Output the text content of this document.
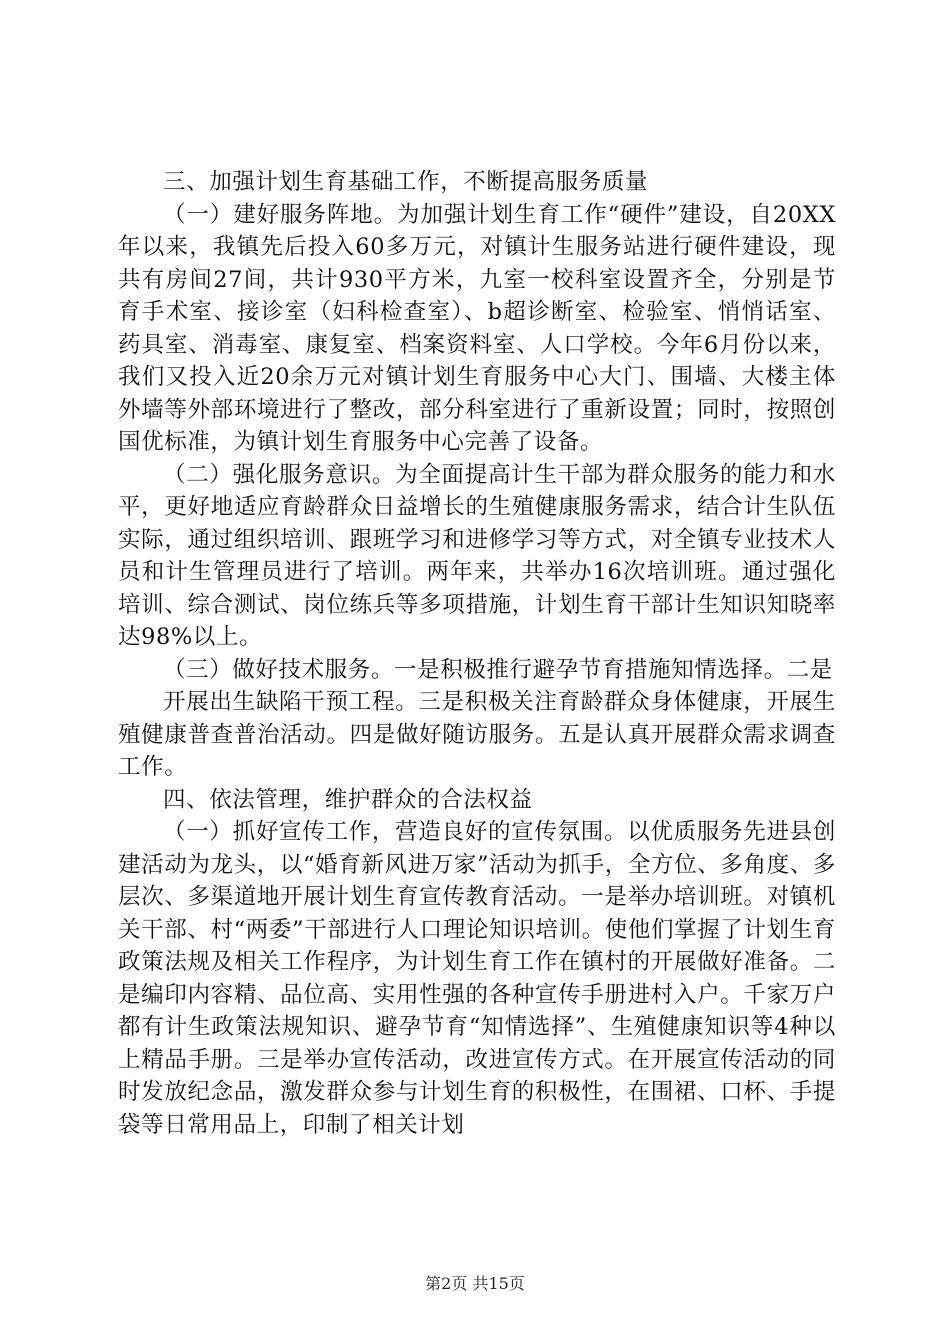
三、加强计划生育基础工作，不断提高服务质量

（一）建好服务阵地。为加强计划生育工作“硬件”建设，自20XX年以来，我镇先后投入60多万元，对镇计生服务站进行硬件建设，现共有房间27间，共计930平方米，九室一校科室设置齐全，分别是节育手术室、接诊室（妇科检查室）、b超诊断室、检验室、悄悄话室、药具室、消毒室、康复室、档案资料室、人口学校。今年6月份以来，我们又投入近20余万元对镇计划生育服务中心大门、围墙、大楼主体外墙等外部环境进行了整改，部分科室进行了重新设置；同时，按照创国优标准，为镇计划生育服务中心完善了设备。

（二）强化服务意识。为全面提高计生干部为群众服务的能力和水平，更好地适应育龄群众日益增长的生殖健康服务需求，结合计生队伍实际，通过组织培训、跟班学习和进修学习等方式，对全镇专业技术人员和计生管理员进行了培训。两年来，共举办16次培训班。通过强化培训、综合测试、岗位练兵等多项措施，计划生育干部计生知识知晓率达98%以上。

（三）做好技术服务。一是积极推行避孕节育措施知情选择。二是

开展出生缺陷干预工程。三是积极关注育龄群众身体健康，开展生殖健康普查普治活动。四是做好随访服务。五是认真开展群众需求调查工作。

四、依法管理，维护群众的合法权益

（一）抓好宣传工作，营造良好的宣传氛围。以优质服务先进县创建活动为龙头，以“婚育新风进万家”活动为抓手，全方位、多角度、多层次、多渠道地开展计划生育宣传教育活动。一是举办培训班。对镇机关干部、村“两委”干部进行人口理论知识培训。使他们掌握了计划生育政策法规及相关工作程序，为计划生育工作在镇村的开展做好准备。二是编印内容精、品位高、实用性强的各种宣传手册进村入户。千家万户都有计生政策法规知识、避孕节育“知情选择”、生殖健康知识等4种以上精品手册。三是举办宣传活动，改进宣传方式。在开展宣传活动的同时发放纪念品，激发群众参与计划生育的积极性，在围裙、口杯、手提袋等日常用品上，印制了相关计划

第2页 共15页
